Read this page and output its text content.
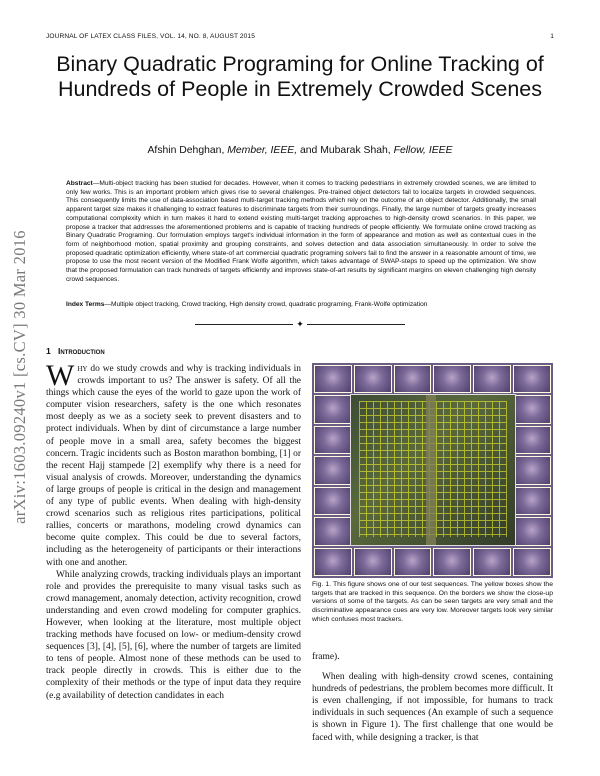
JOURNAL OF LATEX CLASS FILES, VOL. 14, NO. 8, AUGUST 2015	1
Binary Quadratic Programing for Online Tracking of Hundreds of People in Extremely Crowded Scenes
Afshin Dehghan, Member, IEEE, and Mubarak Shah, Fellow, IEEE
Abstract—Multi-object tracking has been studied for decades. However, when it comes to tracking pedestrians in extremely crowded scenes, we are limited to only few works. This is an important problem which gives rise to several challenges. Pre-trained object detectors fail to localize targets in crowded sequences. This consequently limits the use of data-association based multi-target tracking methods which rely on the outcome of an object detector. Additionally, the small apparent target size makes it challenging to extract features to discriminate targets from their surroundings. Finally, the large number of targets greatly increases computational complexity which in turn makes it hard to extend existing multi-target tracking approaches to high-density crowd scenarios. In this paper, we propose a tracker that addresses the aforementioned problems and is capable of tracking hundreds of people efficiently. We formulate online crowd tracking as Binary Quadratic Programing. Our formulation employs target's individual information in the form of appearance and motion as well as contextual cues in the form of neighborhood motion, spatial proximity and grouping constraints, and solves detection and data association simultaneously. In order to solve the proposed quadratic optimization efficiently, where state-of art commercial quadratic programing solvers fail to find the answer in a reasonable amount of time, we propose to use the most recent version of the Modified Frank Wolfe algorithm, which takes advantage of SWAP-steps to speed up the optimization. We show that the proposed formulation can track hundreds of targets efficiently and improves state-of-art results by significant margins on eleven challenging high density crowd sequences.
Index Terms—Multiple object tracking, Crowd tracking, High density crowd, quadratic programing, Frank-Wolfe optimization
✦
arXiv:1603.09240v1 [cs.CV] 30 Mar 2016 1 Introduction

Why do we study crowds and why is tracking individuals in crowds important to us? The answer is safety. Of all the things which cause the eyes of the world to gaze upon the work of computer vision researchers, safety is the one which resonates most deeply as we as a society seek to prevent disasters and to protect individuals. When by dint of circumstance a large number of people move in a small area, safety becomes the biggest concern. Tragic incidents such as Boston marathon bombing, [1] or the recent Hajj stampede [2] exemplify why there is a need for visual analysis of crowds. Moreover, understanding the dynamics of large groups of people is critical in the design and management of any type of public events. When dealing with high-density crowd scenarios such as religious rites participations, political rallies, concerts or marathons, modeling crowd dynamics can become quite complex. This could be due to several factors, including as the heterogeneity of participants or their interactions with one and another.

While analyzing crowds, tracking individuals plays an important role and provides the prerequisite to many visual tasks such as crowd management, anomaly detection, activity recognition, crowd understanding and even crowd modeling for computer graphics. However, when looking at the literature, most multiple object tracking methods have focused on low- or medium-density crowd sequences [3], [4], [5], [6], where the number of targets are limited to tens of people. Almost none of these methods can be used to track people directly in crowds. This is either due to the complexity of their methods or the type of input data they require (e.g availability of detection candidates in each

Fig. 1. This figure shows one of our test sequences. The yellow boxes show the targets that are tracked in this sequence. On the borders we show the close-up versions of some of the targets. As can be seen targets are very small and the discriminative appearance cues are very low. Moreover targets look very similar which confuses most trackers.

frame).

When dealing with high-density crowd scenes, containing hundreds of pedestrians, the problem becomes more difficult. It is even challenging, if not impossible, for humans to track individuals in such sequences (An example of such a sequence is shown in Figure 1). The first challenge that one would be faced with, while designing a tracker, is that
